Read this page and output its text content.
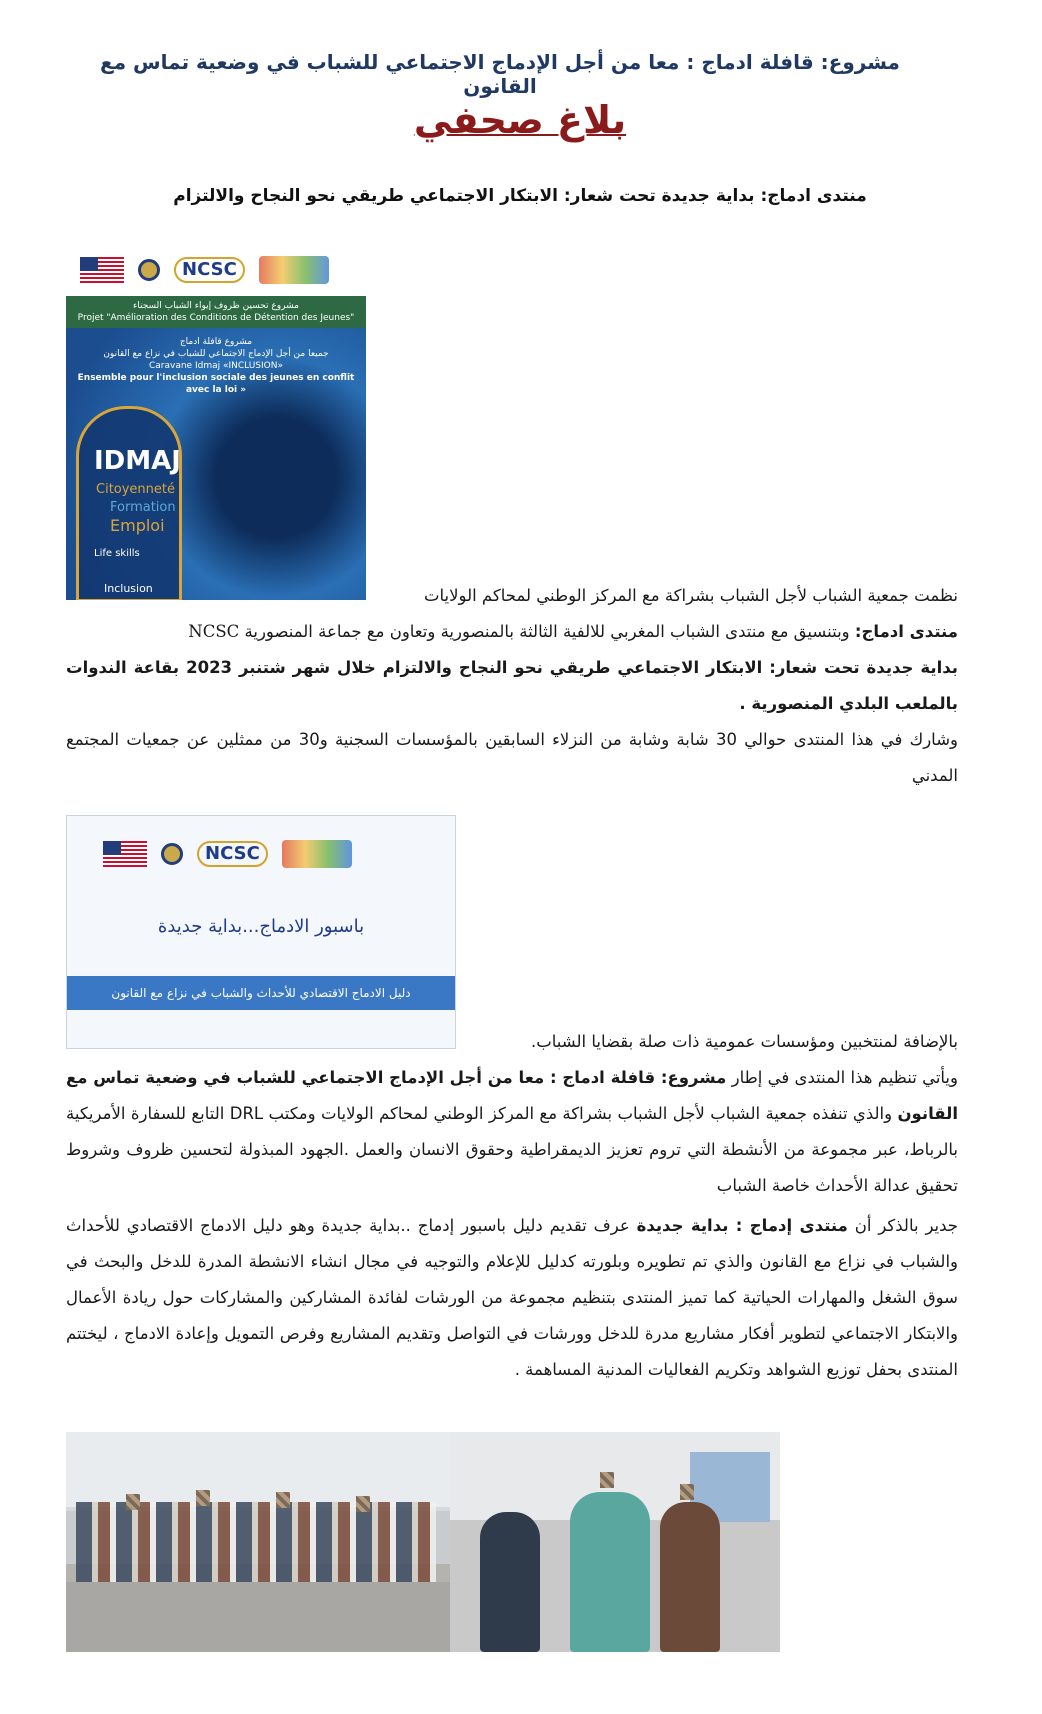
مشروع: قافلة ادماج : معا من أجل الإدماج الاجتماعي للشباب في وضعية تماس مع القانون
بلاغ صحفي
منتدى ادماج: بداية جديدة تحت شعار: الابتكار الاجتماعي طريقي نحو النجاح والالتزام
NCSC
مشروع تحسين ظروف إيواء الشباب السجناء
Projet "Amélioration des Conditions de Détention des Jeunes"
مشروع قافلة ادماج
جميعا من أجل الإدماج الاجتماعي للشباب في نزاع مع القانون
Caravane Idmaj «INCLUSION»
Ensemble pour l'inclusion sociale des jeunes en conflit avec la loi »
IDMAJ
Citoyenneté
Formation
Emploi
Life skills
Inclusion	نظمت جمعية الشباب لأجل الشباب بشراكة مع المركز الوطني لمحاكم الولايات
منتدى ادماج: وبتنسيق مع منتدى الشباب المغربي للالفية الثالثة بالمنصورية وتعاون مع جماعة المنصورية NCSC
بداية جديدة تحت شعار: الابتكار الاجتماعي طريقي نحو النجاح والالتزام خلال شهر شتنبر 2023 بقاعة الندوات بالملعب البلدي المنصورية .
وشارك في هذا المنتدى حوالي 30 شابة وشابة من النزلاء السابقين بالمؤسسات السجنية و30 من ممثلين عن جمعيات المجتمع المدني
NCSC
باسبور الادماج...بداية جديدة
دليل الادماج الاقتصادي للأحداث والشباب في نزاع مع القانون
بالإضافة لمنتخبين ومؤسسات عمومية ذات صلة بقضايا الشباب.
ويأتي تنظيم هذا المنتدى في إطار مشروع: قافلة ادماج : معا من أجل الإدماج الاجتماعي للشباب في وضعية تماس مع القانون والذي تنفذه جمعية الشباب لأجل الشباب بشراكة مع المركز الوطني لمحاكم الولايات ومكتب DRL التابع للسفارة الأمريكية بالرباط، عبر مجموعة من الأنشطة التي تروم تعزيز الديمقراطية وحقوق الانسان والعمل .الجهود المبذولة لتحسين ظروف وشروط تحقيق عدالة الأحداث خاصة الشباب
جدير بالذكر أن منتدى إدماج : بداية جديدة عرف تقديم دليل باسبور إدماج ..بداية جديدة وهو دليل الادماج الاقتصادي للأحداث والشباب في نزاع مع القانون والذي تم تطويره وبلورته كدليل للإعلام والتوجيه في مجال انشاء الانشطة المدرة للدخل والبحث في سوق الشغل والمهارات الحياتية كما تميز المنتدى بتنظيم مجموعة من الورشات لفائدة المشاركين والمشاركات حول ريادة الأعمال والابتكار الاجتماعي لتطوير أفكار مشاريع مدرة للدخل وورشات في التواصل وتقديم المشاريع وفرص التمويل وإعادة الادماج ، ليختتم المنتدى بحفل توزيع الشواهد وتكريم الفعاليات المدنية المساهمة .
